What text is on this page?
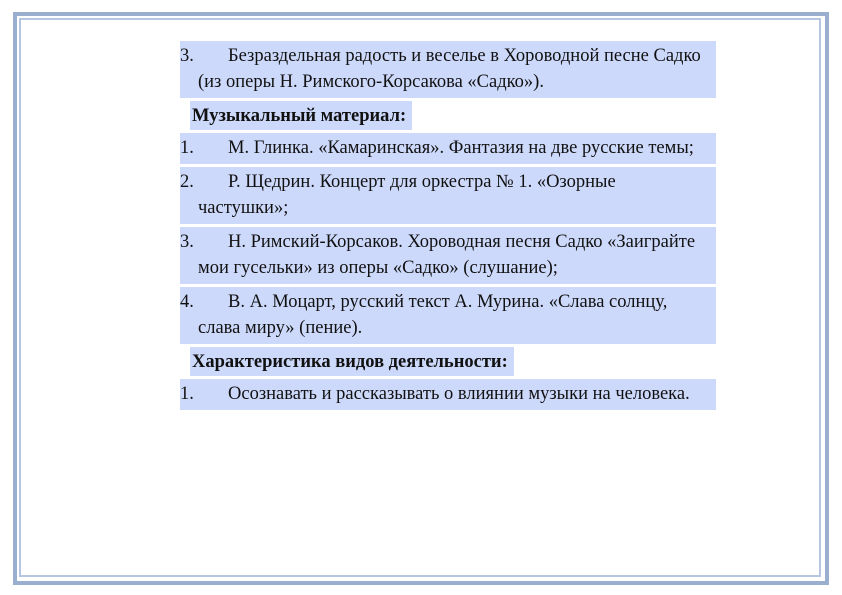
3. Безраздельная радость и веселье в Хороводной песне Садко (из оперы Н. Римского-Корсакова «Садко»).
Музыкальный материал:
1. М. Глинка. «Камаринская». Фантазия на две русские темы;
2. Р. Щедрин. Концерт для оркестра № 1. «Озорные частушки»;
3. Н. Римский-Корсаков. Хороводная песня Садко «Заиграйте мои гусельки» из оперы «Садко» (слушание);
4. В. А. Моцарт, русский текст А. Мурина. «Слава солнцу, слава миру» (пение).
Характеристика видов деятельности:
1. Осознавать и рассказывать о влиянии музыки на человека.
